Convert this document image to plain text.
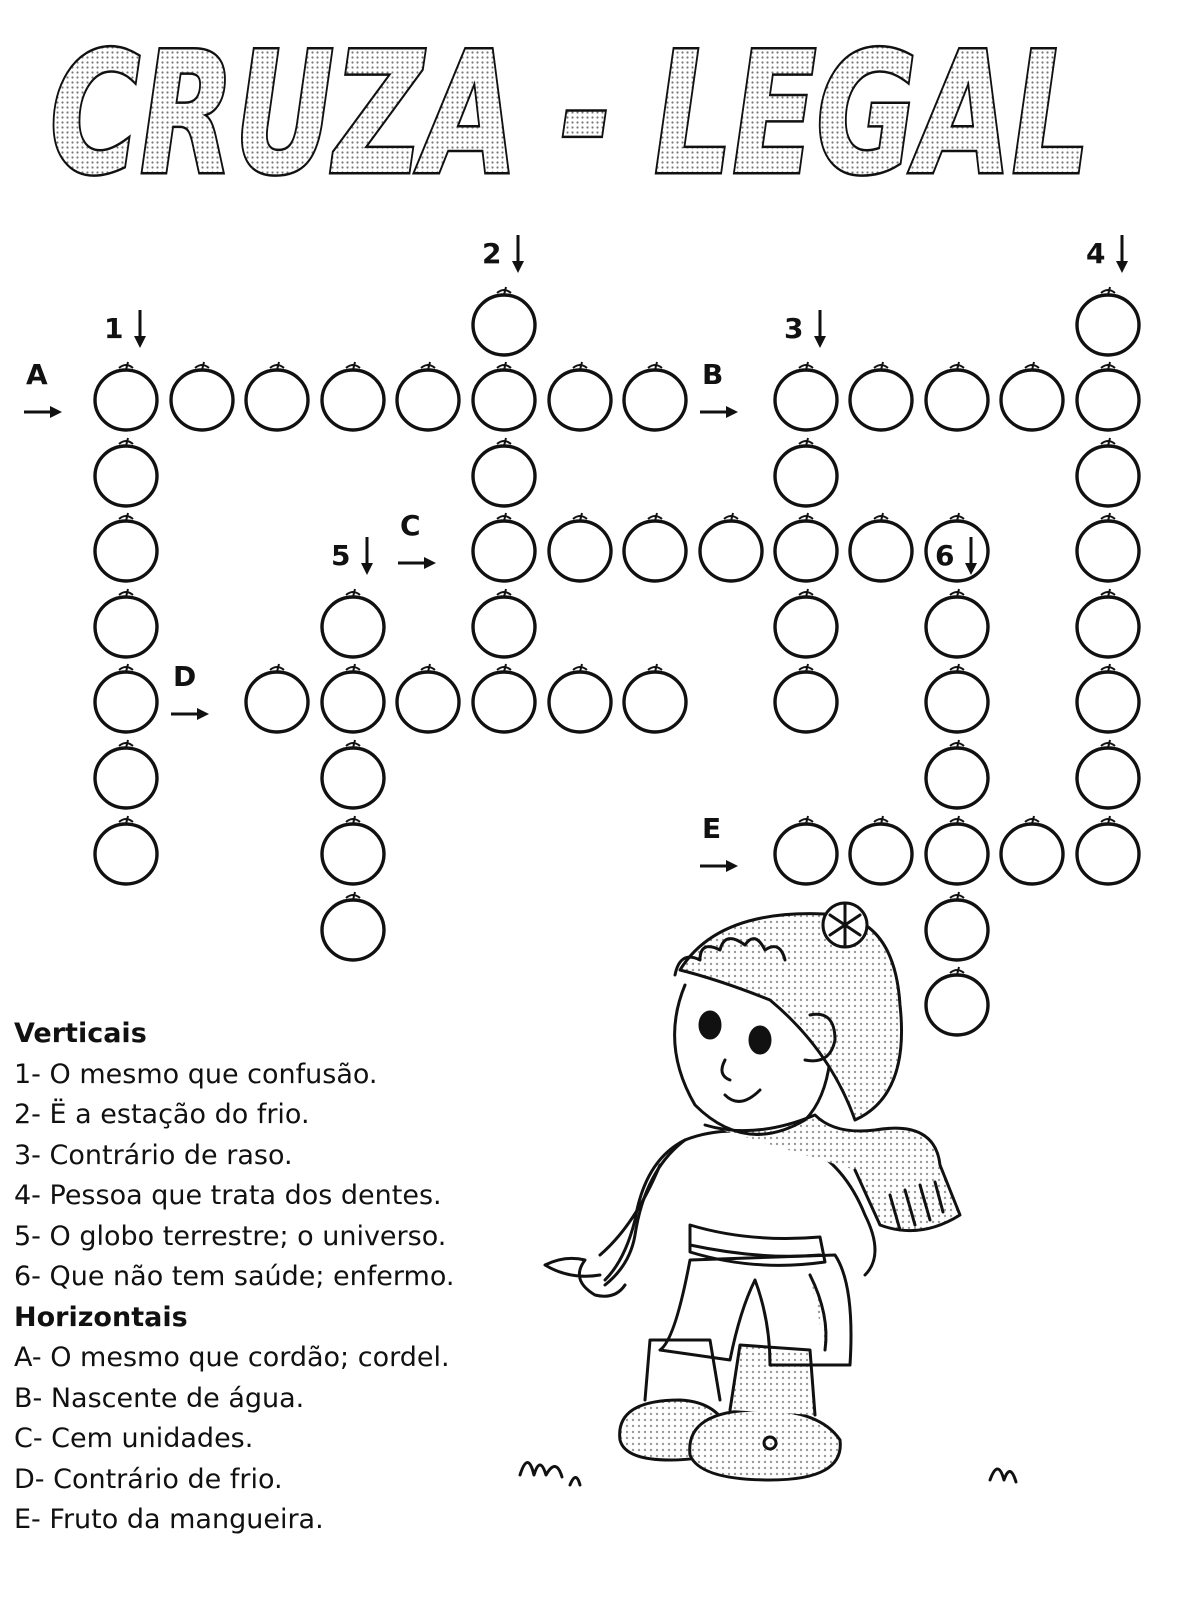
CRUZA - LEGAL
A	B
C
D
E
1
2
3
4
5	6
Verticais
1- O mesmo que confusão.
2- Ë a estação do frio.
3- Contrário de raso.
4- Pessoa que trata dos dentes.
5- O globo terrestre; o universo.
6- Que não tem saúde; enfermo.
Horizontais
A- O mesmo que cordão; cordel.
B- Nascente de água.
C- Cem unidades.
D- Contrário de frio.
E- Fruto da mangueira.
